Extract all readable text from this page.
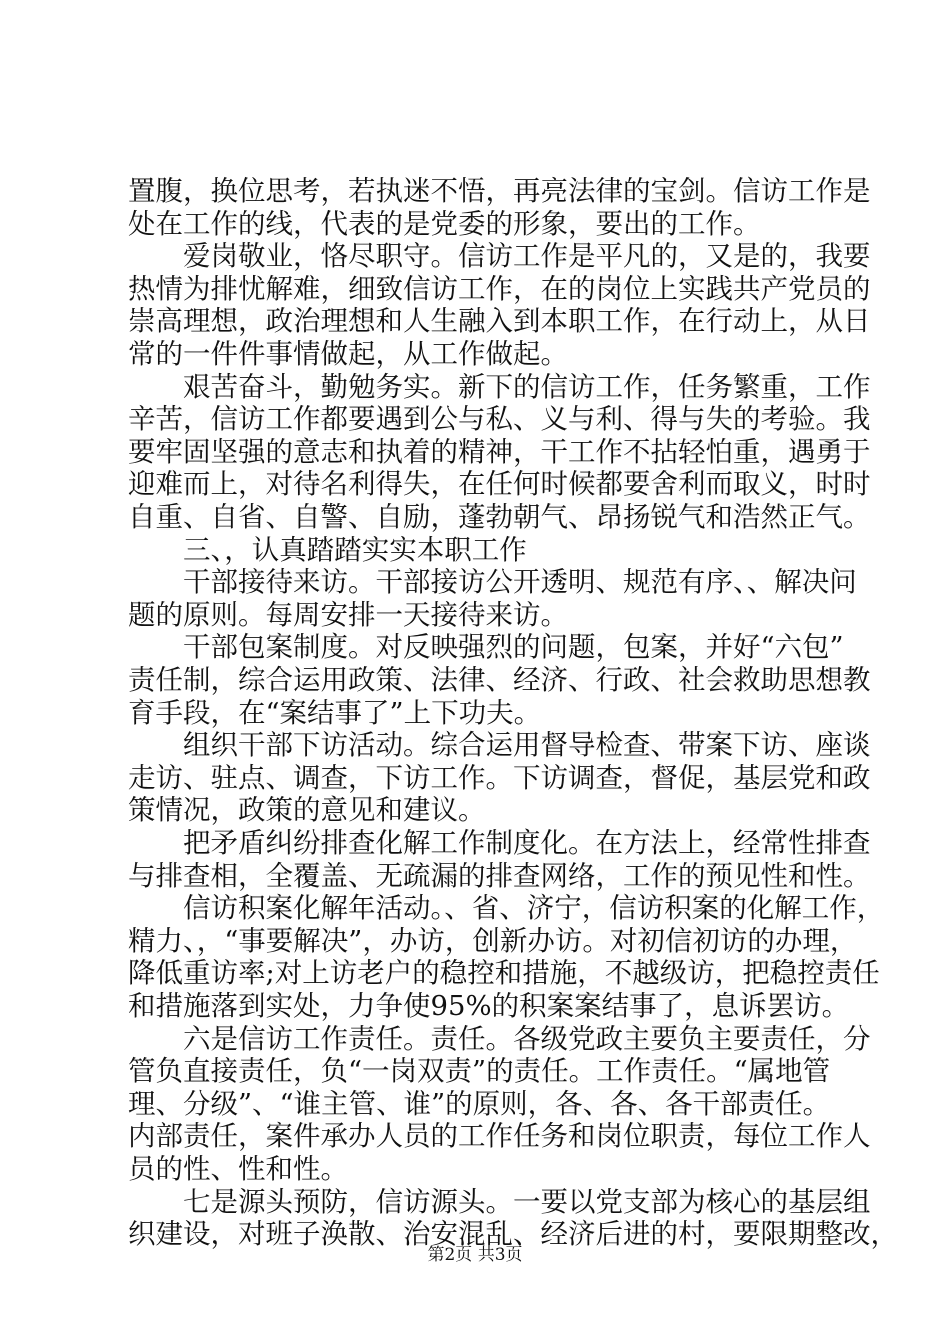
置腹，换位思考，若执迷不悟，再亮法律的宝剑。信访工作是
处在工作的线，代表的是党委的形象，要出的工作。
爱岗敬业，恪尽职守。信访工作是平凡的，又是的，我要
热情为排忧解难，细致信访工作，在的岗位上实践共产党员的
崇高理想，政治理想和人生融入到本职工作，在行动上，从日
常的一件件事情做起，从工作做起。
艰苦奋斗，勤勉务实。新下的信访工作，任务繁重，工作
辛苦，信访工作都要遇到公与私、义与利、得与失的考验。我
要牢固坚强的意志和执着的精神，干工作不拈轻怕重，遇勇于
迎难而上，对待名利得失，在任何时候都要舍利而取义，时时
自重、自省、自警、自励，蓬勃朝气、昂扬锐气和浩然正气。
三、，认真踏踏实实本职工作
干部接待来访。干部接访公开透明、规范有序、、解决问
题的原则。每周安排一天接待来访。
干部包案制度。对反映强烈的问题，包案，并好“六包”
责任制，综合运用政策、法律、经济、行政、社会救助思想教
育手段，在“案结事了”上下功夫。
组织干部下访活动。综合运用督导检查、带案下访、座谈
走访、驻点、调查，下访工作。下访调查，督促，基层党和政
策情况，政策的意见和建议。
把矛盾纠纷排查化解工作制度化。在方法上，经常性排查
与排查相，全覆盖、无疏漏的排查网络，工作的预见性和性。
信访积案化解年活动。、省、济宁，信访积案的化解工作，
精力、，“事要解决”，办访，创新办访。对初信初访的办理，
降低重访率;对上访老户的稳控和措施，不越级访，把稳控责任
和措施落到实处，力争使95%的积案案结事了，息诉罢访。
六是信访工作责任。责任。各级党政主要负主要责任，分
管负直接责任，负“一岗双责”的责任。工作责任。“属地管
理、分级”、“谁主管、谁”的原则，各、各、各干部责任。
内部责任，案件承办人员的工作任务和岗位职责，每位工作人
员的性、性和性。
七是源头预防，信访源头。一要以党支部为核心的基层组
织建设，对班子涣散、治安混乱、经济后进的村，要限期整改，
第2页 共3页
